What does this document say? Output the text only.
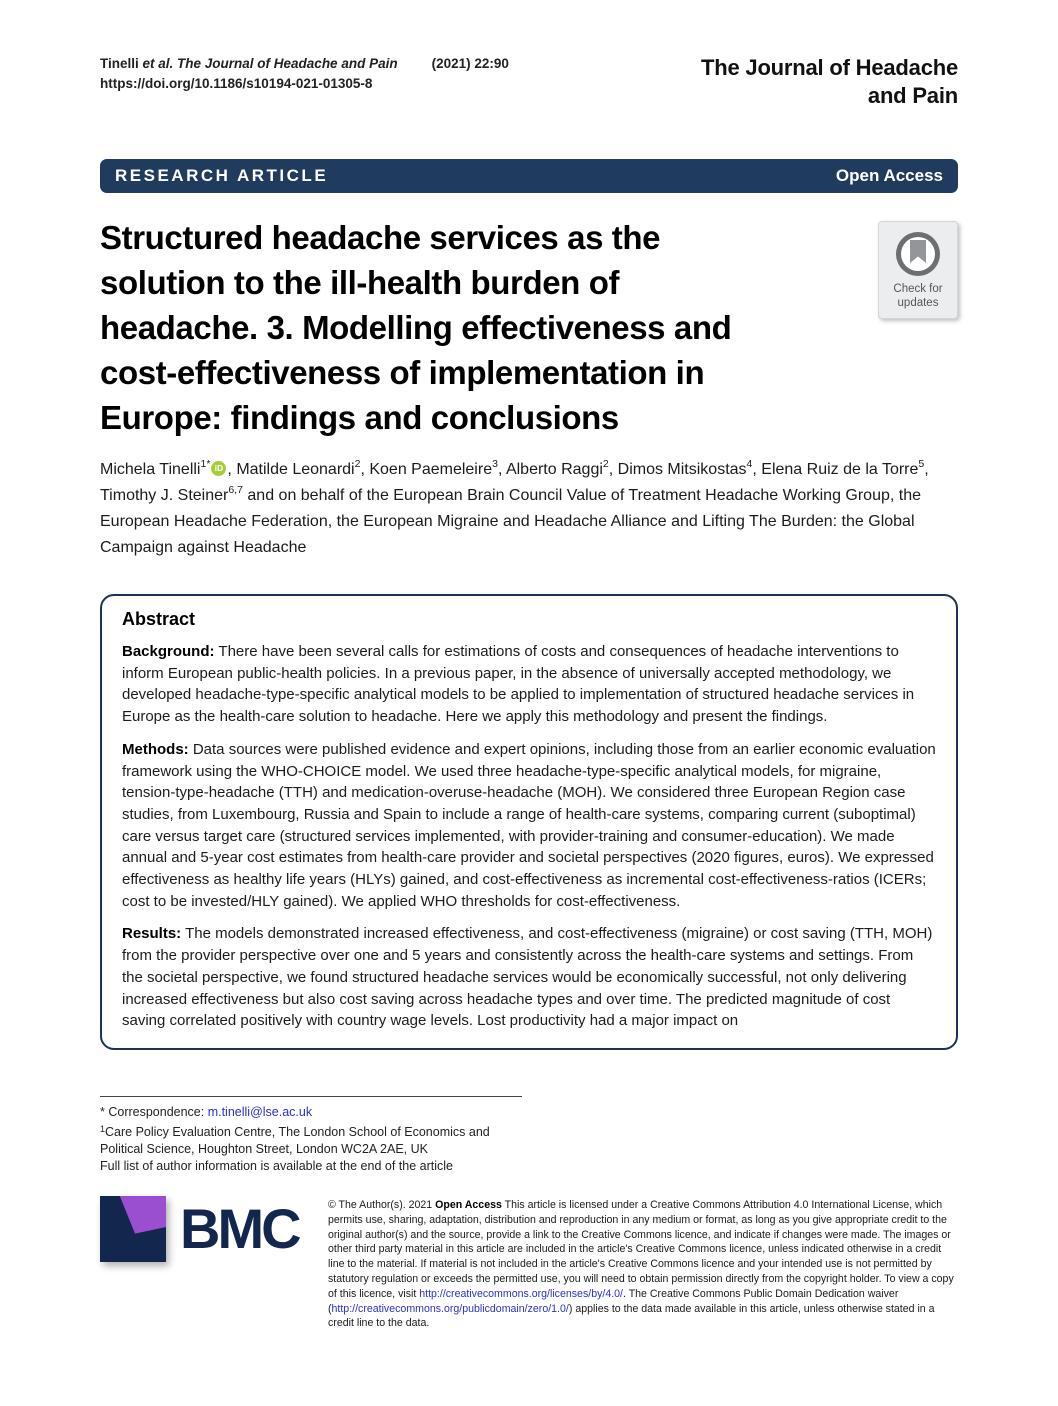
Tinelli et al. The Journal of Headache and Pain	(2021) 22:90
https://doi.org/10.1186/s10194-021-01305-8
The Journal of Headache
and Pain
RESEARCH ARTICLE	Open Access
Structured headache services as the
solution to the ill-health burden of
headache. 3. Modelling effectiveness and
cost-effectiveness of implementation in
Europe: findings and conclusions
Check for
updates
Michela Tinelli$^{1*}$ iD , Matilde Leonardi$^2$, Koen Paemeleire$^3$, Alberto Raggi$^2$, Dimos Mitsikostas$^4$, Elena Ruiz de la Torre$^5$, Timothy J. Steiner$^{6,7}$ and on behalf of the European Brain Council Value of Treatment Headache Working Group, the European Headache Federation, the European Migraine and Headache Alliance and Lifting The Burden: the Global Campaign against Headache
Abstract

Background: There have been several calls for estimations of costs and consequences of headache interventions to inform European public-health policies. In a previous paper, in the absence of universally accepted methodology, we developed headache-type-specific analytical models to be applied to implementation of structured headache services in Europe as the health-care solution to headache. Here we apply this methodology and present the findings.

Methods: Data sources were published evidence and expert opinions, including those from an earlier economic evaluation framework using the WHO-CHOICE model. We used three headache-type-specific analytical models, for migraine, tension-type-headache (TTH) and medication-overuse-headache (MOH). We considered three European Region case studies, from Luxembourg, Russia and Spain to include a range of health-care systems, comparing current (suboptimal) care versus target care (structured services implemented, with provider-training and consumer-education). We made annual and 5-year cost estimates from health-care provider and societal perspectives (2020 figures, euros). We expressed effectiveness as healthy life years (HLYs) gained, and cost-effectiveness as incremental cost-effectiveness-ratios (ICERs; cost to be invested/HLY gained). We applied WHO thresholds for cost-effectiveness.

Results: The models demonstrated increased effectiveness, and cost-effectiveness (migraine) or cost saving (TTH, MOH) from the provider perspective over one and 5 years and consistently across the health-care systems and settings. From the societal perspective, we found structured headache services would be economically successful, not only delivering increased effectiveness but also cost saving across headache types and over time. The predicted magnitude of cost saving correlated positively with country wage levels. Lost productivity had a major impact on

* Correspondence: m.tinelli@lse.ac.uk
$^1$Care Policy Evaluation Centre, The London School of Economics and Political Science, Houghton Street, London WC2A 2AE, UK
Full list of author information is available at the end of the article
BMC	© The Author(s). 2021 Open Access This article is licensed under a Creative Commons Attribution 4.0 International License, which permits use, sharing, adaptation, distribution and reproduction in any medium or format, as long as you give appropriate credit to the original author(s) and the source, provide a link to the Creative Commons licence, and indicate if changes were made. The images or other third party material in this article are included in the article's Creative Commons licence, unless indicated otherwise in a credit line to the material. If material is not included in the article's Creative Commons licence and your intended use is not permitted by statutory regulation or exceeds the permitted use, you will need to obtain permission directly from the copyright holder. To view a copy of this licence, visit http://creativecommons.org/licenses/by/4.0/. The Creative Commons Public Domain Dedication waiver (http://creativecommons.org/publicdomain/zero/1.0/) applies to the data made available in this article, unless otherwise stated in a credit line to the data.
